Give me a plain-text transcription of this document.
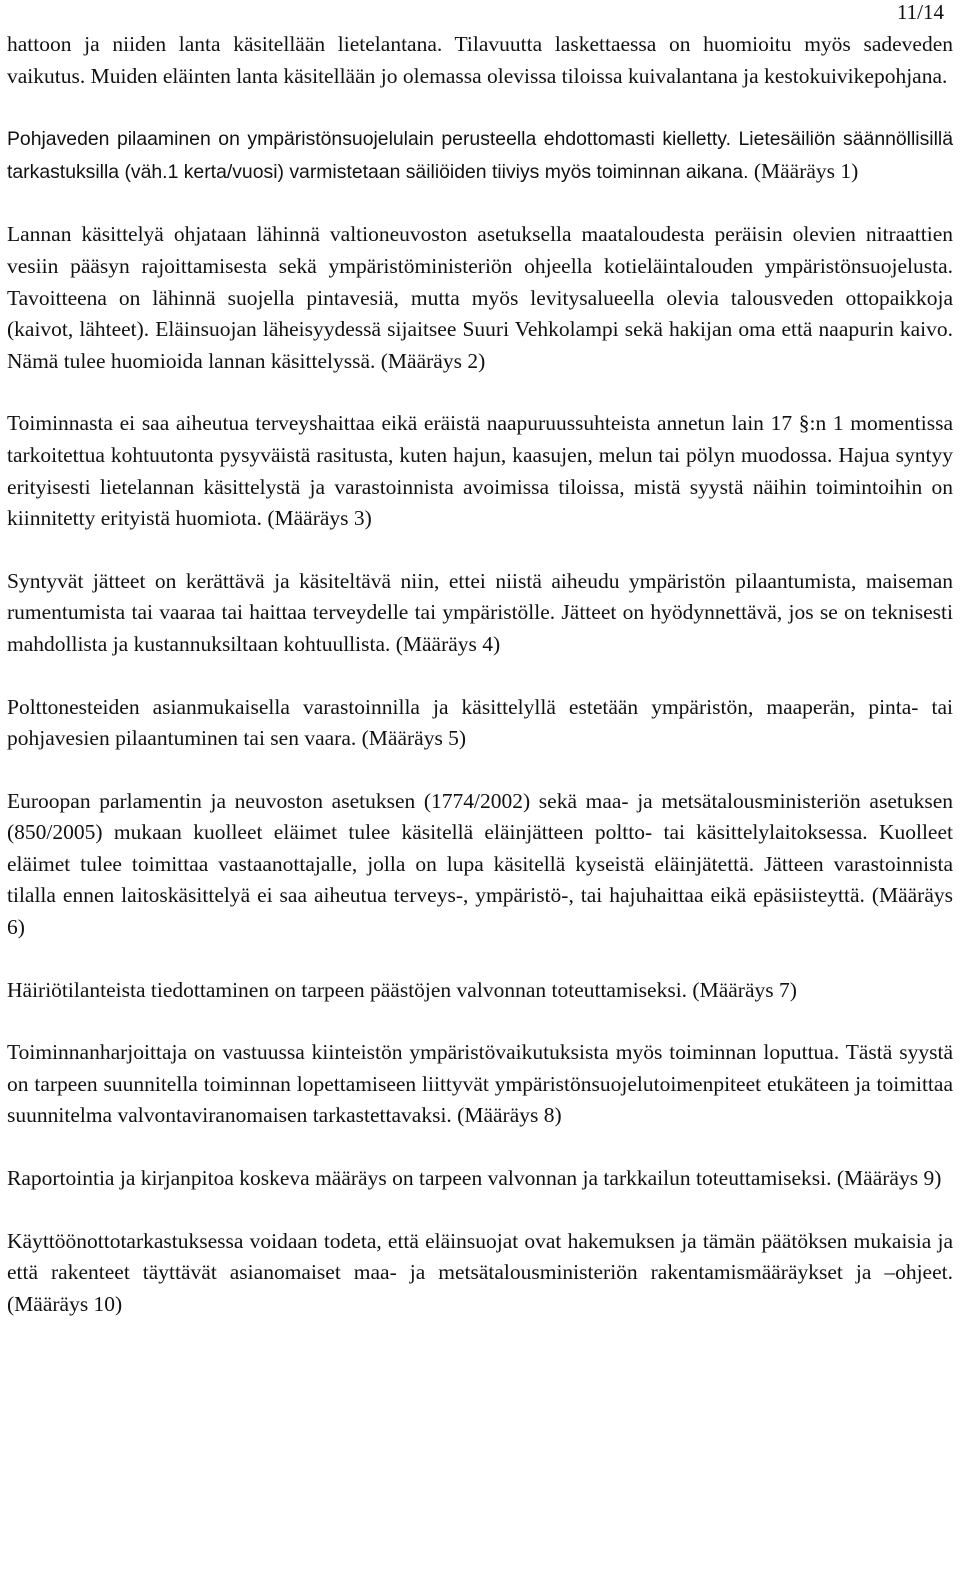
11/14

hattoon ja niiden lanta käsitellään lietelantana. Tilavuutta laskettaessa on huomioitu myös sadeveden vaikutus. Muiden eläinten lanta käsitellään jo olemassa olevissa tiloissa kuivalantana ja kestokuivikepohjana.

Pohjaveden pilaaminen on ympäristönsuojelulain perusteella ehdottomasti kielletty. Lietesäiliön säännöllisillä tarkastuksilla (väh.1 kerta/vuosi) varmistetaan säiliöiden tiiviys myös toiminnan aikana. (Määräys 1)

Lannan käsittelyä ohjataan lähinnä valtioneuvoston asetuksella maataloudesta peräisin olevien nitraattien vesiin pääsyn rajoittamisesta sekä ympäristöministeriön ohjeella kotieläintalouden ympäristönsuojelusta. Tavoitteena on lähinnä suojella pintavesiä, mutta myös levitysalueella olevia talousveden ottopaikkoja (kaivot, lähteet). Eläinsuojan läheisyydessä sijaitsee Suuri Vehkolampi sekä hakijan oma että naapurin kaivo. Nämä tulee huomioida lannan käsittelyssä. (Määräys 2)

Toiminnasta ei saa aiheutua terveyshaittaa eikä eräistä naapuruussuhteista annetun lain 17 §:n 1 momentissa tarkoitettua kohtuutonta pysyväistä rasitusta, kuten hajun, kaasujen, melun tai pölyn muodossa. Hajua syntyy erityisesti lietelannan käsittelystä ja varastoinnista avoimissa tiloissa, mistä syystä näihin toimintoihin on kiinnitetty erityistä huomiota. (Määräys 3)

Syntyvät jätteet on kerättävä ja käsiteltävä niin, ettei niistä aiheudu ympäristön pilaantumista, maiseman rumentumista tai vaaraa tai haittaa terveydelle tai ympäristölle. Jätteet on hyödynnettävä, jos se on teknisesti mahdollista ja kustannuksiltaan kohtuullista. (Määräys 4)

Polttonesteiden asianmukaisella varastoinnilla ja käsittelyllä estetään ympäristön, maaperän, pinta- tai pohjavesien pilaantuminen tai sen vaara. (Määräys 5)

Euroopan parlamentin ja neuvoston asetuksen (1774/2002) sekä maa- ja metsätalousministeriön asetuksen (850/2005) mukaan kuolleet eläimet tulee käsitellä eläinjätteen poltto- tai käsittelylaitoksessa. Kuolleet eläimet tulee toimittaa vastaanottajalle, jolla on lupa käsitellä kyseistä eläinjätettä. Jätteen varastoinnista tilalla ennen laitoskäsittelyä ei saa aiheutua terveys-, ympäristö-, tai hajuhaittaa eikä epäsiisteyttä. (Määräys 6)

Häiriötilanteista tiedottaminen on tarpeen päästöjen valvonnan toteuttamiseksi. (Määräys 7)

Toiminnanharjoittaja on vastuussa kiinteistön ympäristövaikutuksista myös toiminnan loputtua. Tästä syystä on tarpeen suunnitella toiminnan lopettamiseen liittyvät ympäristönsuojelutoimenpiteet etukäteen ja toimittaa suunnitelma valvontaviranomaisen tarkastettavaksi. (Määräys 8)

Raportointia ja kirjanpitoa koskeva määräys on tarpeen valvonnan ja tarkkailun toteuttamiseksi. (Määräys 9)

Käyttöönottotarkastuksessa voidaan todeta, että eläinsuojat ovat hakemuksen ja tämän päätöksen mukaisia ja että rakenteet täyttävät asianomaiset maa- ja metsätalousministeriön rakentamismääräykset ja –ohjeet. (Määräys 10)
